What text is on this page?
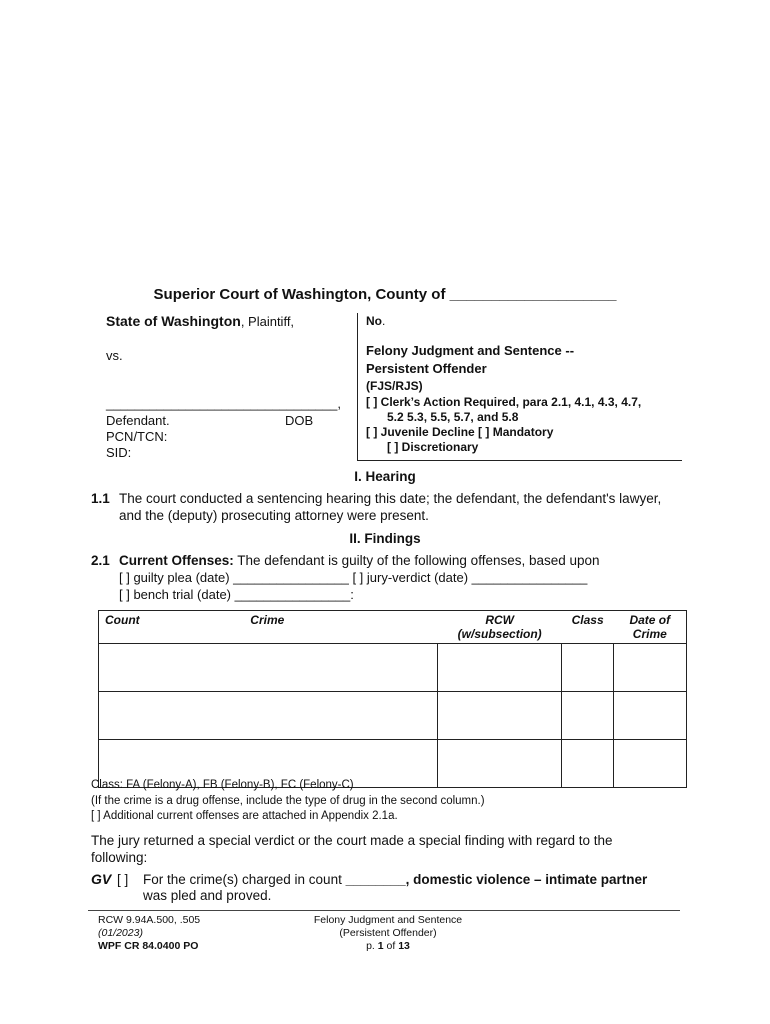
Superior Court of Washington, County of ____________________
State of Washington, Plaintiff,
vs.
________________________________,
Defendant.	DOB
PCN/TCN:
SID:
No.
Felony Judgment and Sentence --
Persistent Offender
(FJS/RJS)
[ ] Clerk’s Action Required, para 2.1, 4.1, 4.3, 4.7,
5.2 5.3, 5.5, 5.7, and 5.8
[ ] Juvenile Decline [ ] Mandatory
[ ] Discretionary
I. Hearing
1.1 The court conducted a sentencing hearing this date; the defendant, the defendant's lawyer,
and the (deputy) prosecuting attorney were present.
II. Findings
2.1 Current Offenses: The defendant is guilty of the following offenses, based upon
[ ] guilty plea (date) ________________ [ ] jury-verdict (date) ________________
[ ] bench trial (date) ________________:
Count	Crime	RCW (w/subsection)	Class	Date of Crime

Class: FA (Felony-A), FB (Felony-B), FC (Felony-C)
(If the crime is a drug offense, include the type of drug in the second column.)
[ ] Additional current offenses are attached in Appendix 2.1a.
The jury returned a special verdict or the court made a special finding with regard to the
following:
GV [ ] For the crime(s) charged in count ________, domestic violence – intimate partner
was pled and proved.
RCW 9.94A.500, .505
(01/2023)
WPF CR 84.0400 PO
Felony Judgment and Sentence
(Persistent Offender)
p. 1 of 13
